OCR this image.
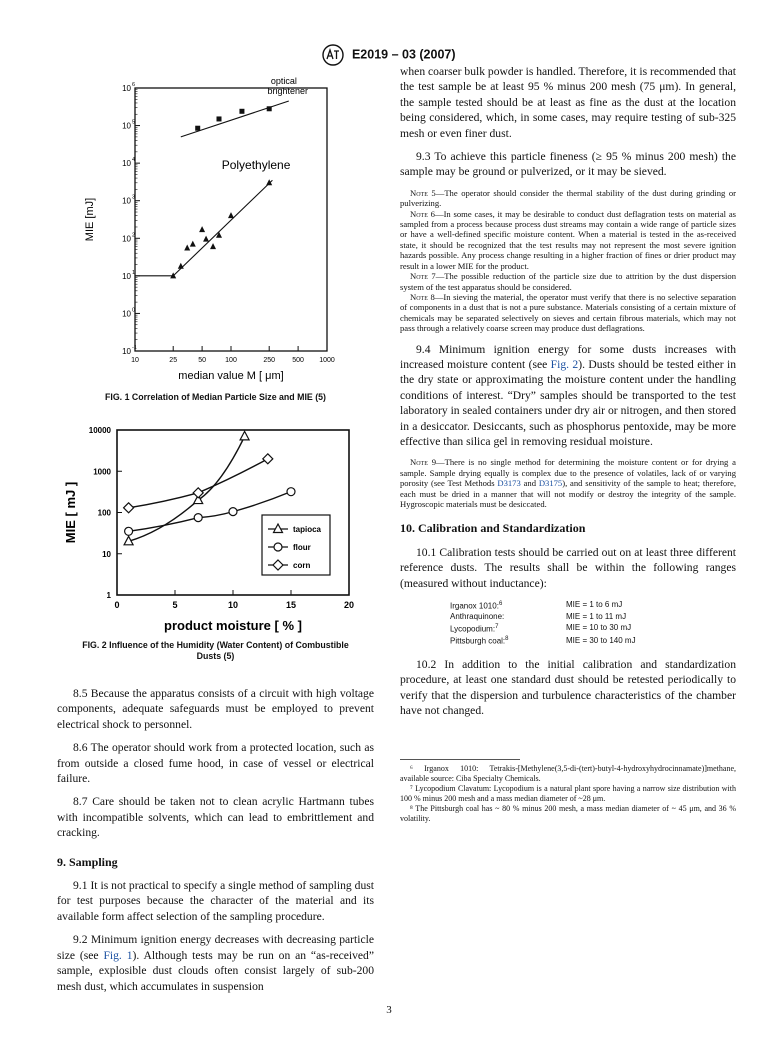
E2019 – 03 (2007)
10 6
10 5
10 4
10 3
10 2
10 1
10 0
10 -1
10	25	50	100	250 500 1000
median value M [ μm]
MIE [mJ]
optical
brightener
Polyethylene
FIG. 1 Correlation of Median Particle Size and MIE (5)
10000
1000
100
10
1
0	5	10	15	20
product moisture [ % ]
MIE [ mJ ]	tapioca
flour
corn
FIG. 2 Influence of the Humidity (Water Content) of Combustible
Dusts (5)

8.5 Because the apparatus consists of a circuit with high voltage components, adequate safeguards must be employed to prevent electrical shock to personnel.

8.6 The operator should work from a protected location, such as from outside a closed fume hood, in case of vessel or electrical failure.

8.7 Care should be taken not to clean acrylic Hartmann tubes with incompatible solvents, which can lead to embrittlement and cracking.

9. Sampling

9.1 It is not practical to specify a single method of sampling dust for test purposes because the character of the material and its available form affect selection of the sampling procedure.

9.2 Minimum ignition energy decreases with decreasing particle size (see Fig. 1). Although tests may be run on an “as-received” sample, explosible dust clouds often consist largely of sub-200 mesh dust, which accumulates in suspension

when coarser bulk powder is handled. Therefore, it is recommended that the test sample be at least 95 % minus 200 mesh (75 μm). In general, the sample tested should be at least as fine as the dust at the location being considered, which, in some cases, may require testing of sub-325 mesh or even finer dust.

9.3 To achieve this particle fineness (≥ 95 % minus 200 mesh) the sample may be ground or pulverized, or it may be sieved.

Note 5—The operator should consider the thermal stability of the dust during grinding or pulverizing.
Note 6—In some cases, it may be desirable to conduct dust deflagration tests on material as sampled from a process because process dust streams may contain a wide range of particle sizes or have a well-defined specific moisture content. When a material is tested in the as-received state, it should be recognized that the test results may not represent the most severe ignition hazards possible. Any process change resulting in a higher fraction of fines or drier product may result in a lower MIE for the product.
Note 7—The possible reduction of the particle size due to attrition by the dust dispersion system of the test apparatus should be considered.
Note 8—In sieving the material, the operator must verify that there is no selective separation of components in a dust that is not a pure substance. Materials consisting of a certain mixture of chemicals may be separated selectively on sieves and certain fibrous materials, which may not pass through a relatively coarse screen may produce dust deflagrations.

9.4 Minimum ignition energy for some dusts increases with increased moisture content (see Fig. 2). Dusts should be tested either in the dry state or approximating the moisture content under the handling conditions of interest. “Dry” samples should be transported to the test laboratory in sealed containers under dry air or nitrogen, and then stored in a desiccator. Desiccants, such as phosphorus pentoxide, may be more effective than silica gel in removing residual moisture.

Note 9—There is no single method for determining the moisture content or for drying a sample. Sample drying equally is complex due to the presence of volatiles, lack of or varying porosity (see Test Methods D3173 and D3175), and sensitivity of the sample to heat; therefore, each must be dried in a manner that will not modify or destroy the integrity of the sample. Hygroscopic materials must be desiccated.
10. Calibration and Standardization

10.1 Calibration tests should be carried out on at least three different reference dusts. The results shall be within the following ranges (measured without inductance):

Irganox 1010:$^6$	MIE = 1 to 6 mJ
Anthraquinone:	MIE = 1 to 11 mJ
Lycopodium:$^7$	MIE = 10 to 30 mJ
Pittsburgh coal:$^8$	MIE = 30 to 140 mJ

10.2 In addition to the initial calibration and standardization procedure, at least one standard dust should be retested periodically to verify that the dispersion and turbulence characteristics of the chamber have not changed.

⁶ Irganox 1010: Tetrakis-[Methylene(3,5-di-(tert)-butyl-4-hydroxyhydrocinnamate)]methane, available source: Ciba Specialty Chemicals.

⁷ Lycopodium Clavatum: Lycopodium is a natural plant spore having a narrow size distribution with 100 % minus 200 mesh and a mass median diameter of ~28 μm.

⁸ The Pittsburgh coal has ~ 80 % minus 200 mesh, a mass median diameter of ~ 45 μm, and 36 % volatility.

3
